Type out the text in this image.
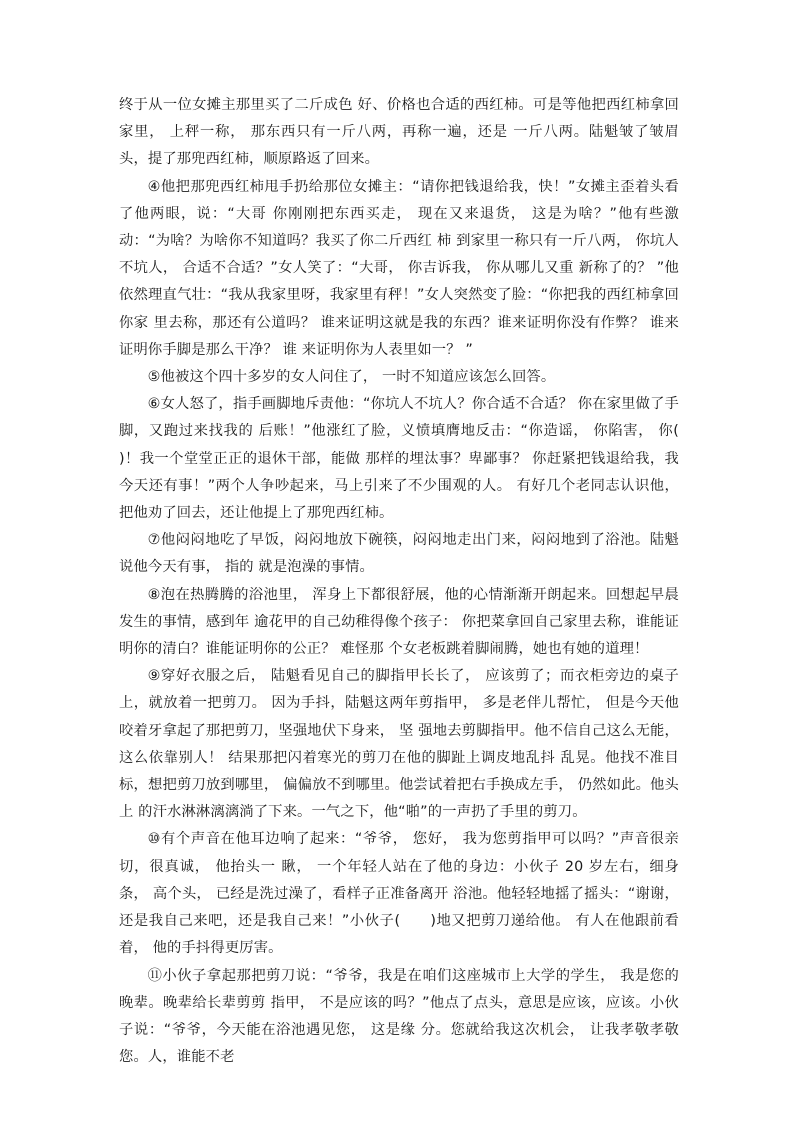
终于从一位女摊主那里买了二斤成色 好、价格也合适的西红柿。可是等他把西红柿拿回家里， 上秤一称， 那东西只有一斤八两，再称一遍，还是 一斤八两。陆魁皱了皱眉头，提了那兜西红柿，顺原路返了回来。

④他把那兜西红柿甩手扔给那位女摊主：“请你把钱退给我，快！”女摊主歪着头看了他两眼，说：“大哥 你刚刚把东西买走， 现在又来退货， 这是为啥？”他有些激动：“为啥？为啥你不知道吗？我买了你二斤西红 柿 到家里一称只有一斤八两， 你坑人不坑人， 合适不合适？”女人笑了：“大哥， 你吉诉我， 你从哪儿又重 新称了的？ ”他依然理直气壮：“我从我家里呀，我家里有秤！”女人突然变了脸：“你把我的西红柿拿回你家 里去称，那还有公道吗？ 谁来证明这就是我的东西？谁来证明你没有作弊？ 谁来证明你手脚是那么干净？ 谁 来证明你为人表里如一？ ”

⑤他被这个四十多岁的女人问住了， 一时不知道应该怎么回答。

⑥女人怒了，指手画脚地斥责他：“你坑人不坑人？你合适不合适？ 你在家里做了手脚，又跑过来找我的 后账！”他涨红了脸，义愤填膺地反击：“你造谣， 你陷害， 你(　　)！我一个堂堂正正的退休干部，能做 那样的埋汰事？卑鄙事？ 你赶紧把钱退给我，我今天还有事！”两个人争吵起来，马上引来了不少围观的人。 有好几个老同志认识他， 把他劝了回去，还让他提上了那兜西红柿。

⑦他闷闷地吃了早饭，闷闷地放下碗筷，闷闷地走出门来，闷闷地到了浴池。陆魁说他今天有事， 指的 就是泡澡的事情。

⑧泡在热腾腾的浴池里， 浑身上下都很舒展，他的心情渐渐开朗起来。回想起早晨发生的事情，感到年 逾花甲的自己幼稚得像个孩子： 你把菜拿回自己家里去称，谁能证明你的清白？谁能证明你的公正？ 难怪那 个女老板跳着脚闹腾，她也有她的道理！

⑨穿好衣服之后， 陆魁看见自己的脚指甲长长了， 应该剪了；而衣柜旁边的桌子上，就放着一把剪刀。 因为手抖，陆魁这两年剪指甲， 多是老伴儿帮忙， 但是今天他咬着牙拿起了那把剪刀，坚强地伏下身来， 坚 强地去剪脚指甲。他不信自己这么无能，这么依靠别人！ 结果那把闪着寒光的剪刀在他的脚趾上调皮地乱抖 乱晃。他找不准目标，想把剪刀放到哪里， 偏偏放不到哪里。他尝试着把右手换成左手， 仍然如此。他头上 的汗水淋淋漓漓淌了下来。一气之下，他“啪”的一声扔了手里的剪刀。

⑩有个声音在他耳边响了起来：“爷爷， 您好， 我为您剪指甲可以吗？”声音很亲切，很真诚， 他抬头一 瞅， 一个年轻人站在了他的身边：小伙子 20 岁左右，细身条， 高个头， 已经是洗过澡了，看样子正准备离开 浴池。他轻轻地摇了摇头：“谢谢，还是我自己来吧，还是我自己来！”小伙子(　　)地又把剪刀递给他。 有人在他跟前看着， 他的手抖得更厉害。

⑪小伙子拿起那把剪刀说：“爷爷，我是在咱们这座城市上大学的学生， 我是您的晚辈。晚辈给长辈剪剪 指甲， 不是应该的吗？”他点了点头，意思是应该，应该。小伙子说：“爷爷，今天能在浴池遇见您， 这是缘 分。您就给我这次机会， 让我孝敬孝敬您。人，谁能不老
